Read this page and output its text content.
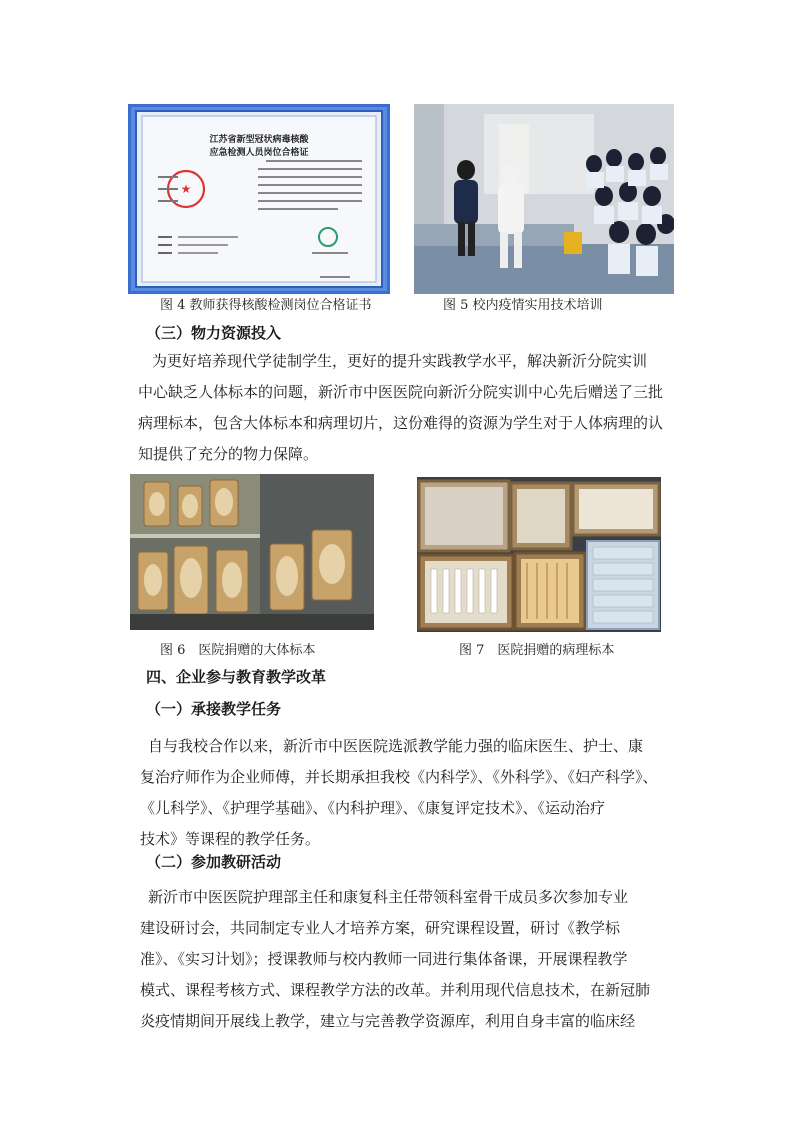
★
江苏省新型冠状病毒核酸
应急检测人员岗位合格证
图 4 教师获得核酸检测岗位合格证书	图 5 校内疫情实用技术培训
（三）物力资源投入
为更好培养现代学徒制学生，更好的提升实践教学水平，解决新沂分院实训
中心缺乏人体标本的问题，新沂市中医医院向新沂分院实训中心先后赠送了三批
病理标本，包含大体标本和病理切片，这份难得的资源为学生对于人体病理的认
知提供了充分的物力保障。
图 6　医院捐赠的大体标本	图 7　医院捐赠的病理标本
四、企业参与教育教学改革
（一）承接教学任务
自与我校合作以来，新沂市中医医院选派教学能力强的临床医生、护士、康
复治疗师作为企业师傅，并长期承担我校《内科学》、《外科学》、《妇产科学》、
《儿科学》、《护理学基础》、《内科护理》、《康复评定技术》、《运动治疗
技术》等课程的教学任务。
（二）参加教研活动
新沂市中医医院护理部主任和康复科主任带领科室骨干成员多次参加专业
建设研讨会，共同制定专业人才培养方案，研究课程设置，研讨《教学标
准》、《实习计划》；授课教师与校内教师一同进行集体备课，开展课程教学
模式、课程考核方式、课程教学方法的改革。并利用现代信息技术，在新冠肺
炎疫情期间开展线上教学，建立与完善教学资源库，利用自身丰富的临床经
